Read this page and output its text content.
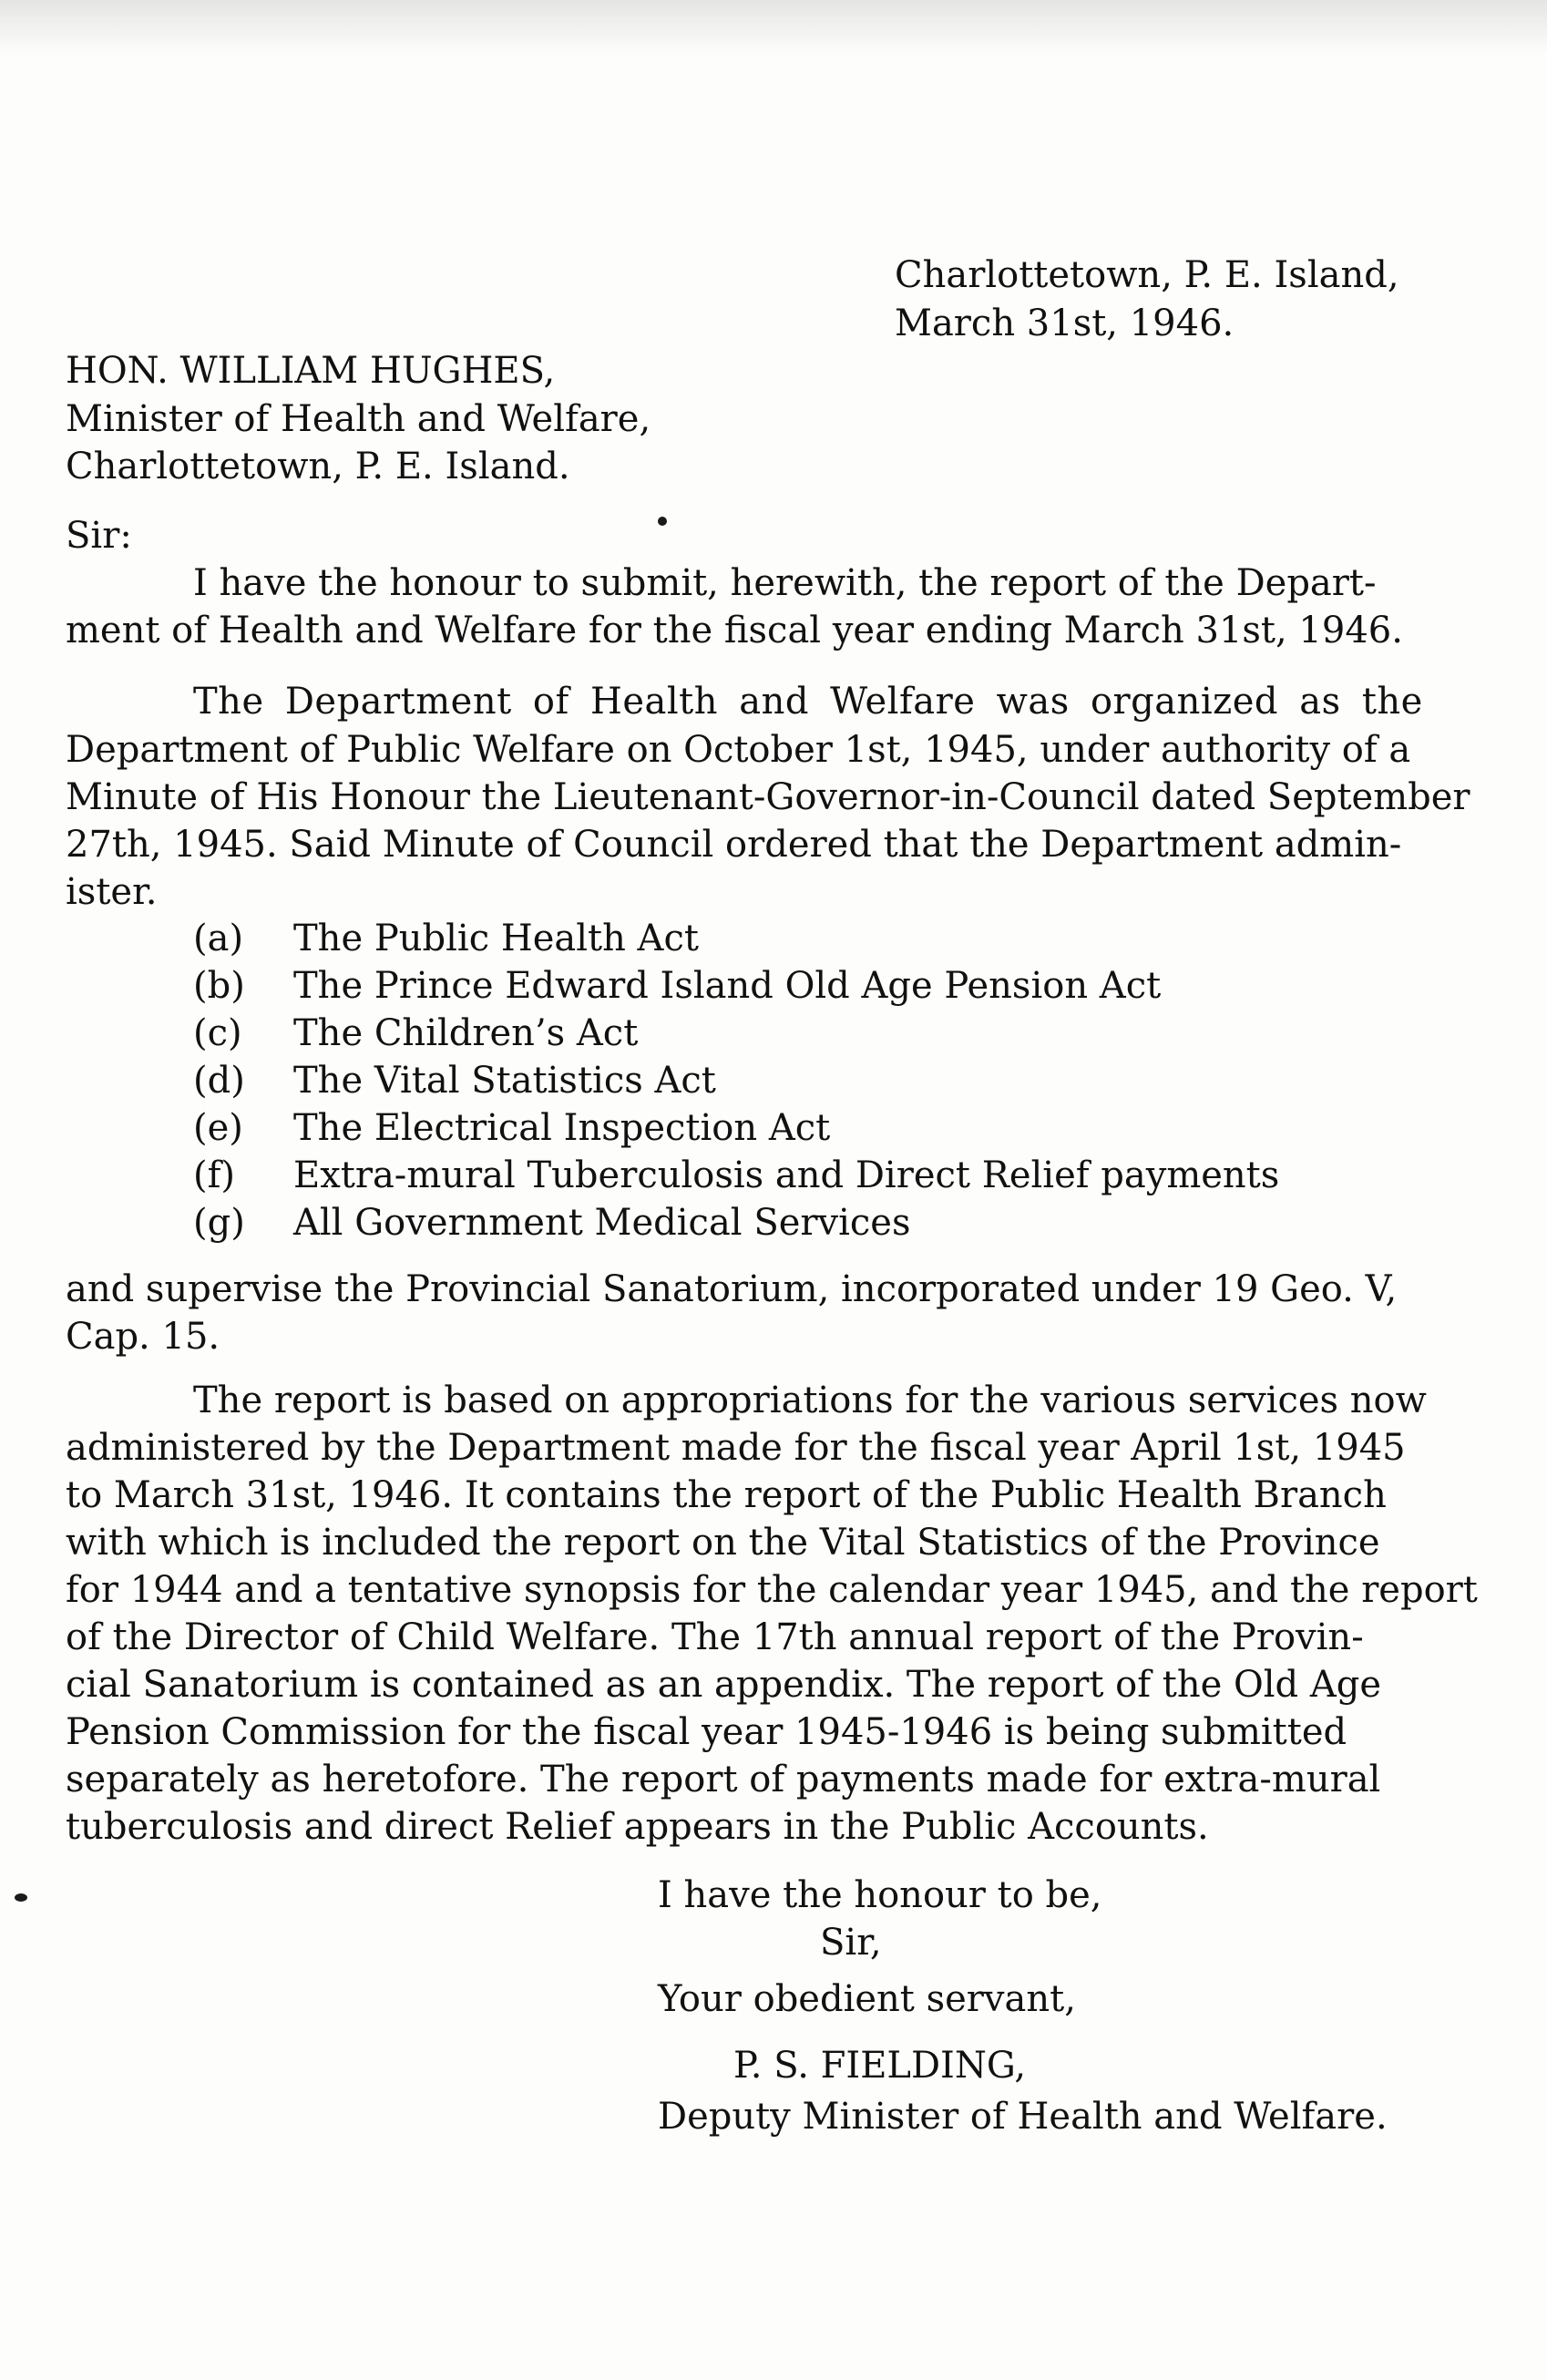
Charlottetown, P. E. Island,
March 31st, 1946.
HON. WILLIAM HUGHES,
Minister of Health and Welfare,
Charlottetown, P. E. Island.
Sir:
I have the honour to submit, herewith, the report of the Depart-
ment of Health and Welfare for the fiscal year ending March 31st, 1946.
The Department of Health and Welfare was organized as the
Department of Public Welfare on October 1st, 1945, under authority of a
Minute of His Honour the Lieutenant-Governor-in-Council dated September
27th, 1945. Said Minute of Council ordered that the Department admin-
ister.
(a) The Public Health Act
(b) The Prince Edward Island Old Age Pension Act
(c) The Children’s Act
(d) The Vital Statistics Act
(e) The Electrical Inspection Act
(f) Extra-mural Tuberculosis and Direct Relief payments
(g) All Government Medical Services
and supervise the Provincial Sanatorium, incorporated under 19 Geo. V,
Cap. 15.
The report is based on appropriations for the various services now
administered by the Department made for the fiscal year April 1st, 1945
to March 31st, 1946. It contains the report of the Public Health Branch
with which is included the report on the Vital Statistics of the Province
for 1944 and a tentative synopsis for the calendar year 1945, and the report
of the Director of Child Welfare. The 17th annual report of the Provin-
cial Sanatorium is contained as an appendix. The report of the Old Age
Pension Commission for the fiscal year 1945-1946 is being submitted
separately as heretofore. The report of payments made for extra-mural
tuberculosis and direct Relief appears in the Public Accounts.
I have the honour to be,
Sir,
Your obedient servant,
P. S. FIELDING,
Deputy Minister of Health and Welfare.
